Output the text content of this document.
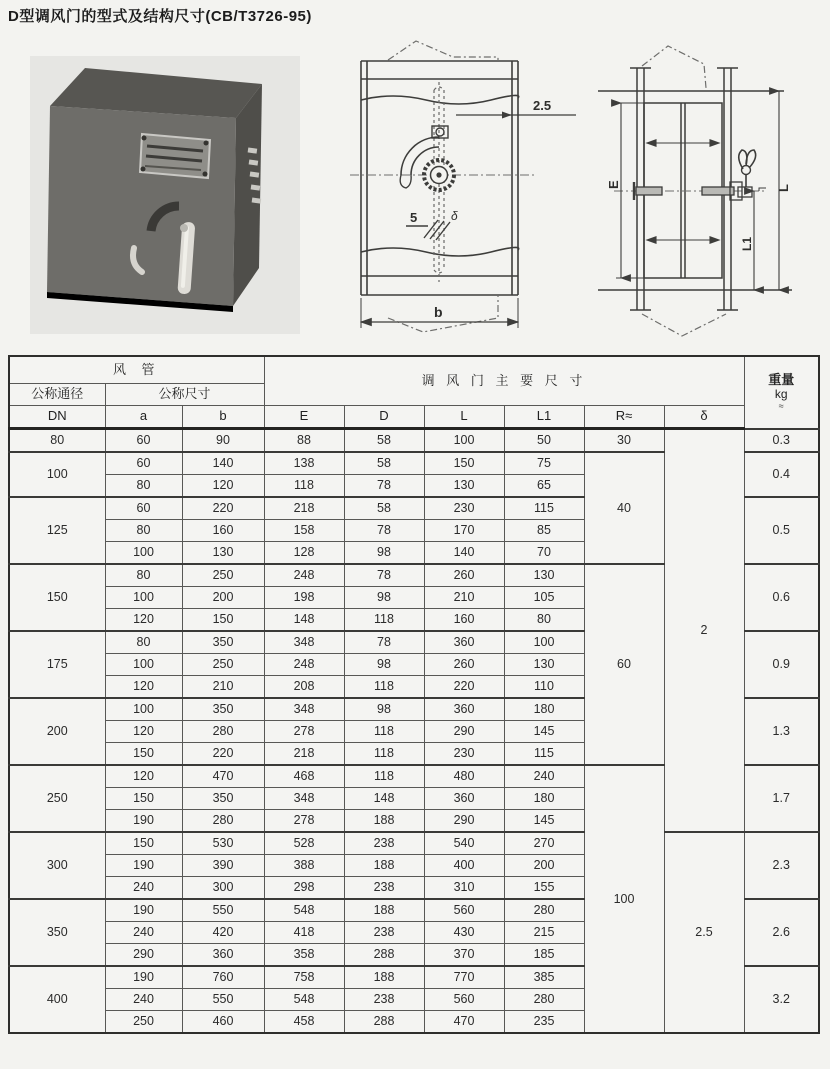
D型调风门的型式及结构尺寸(CB/T3726-95)
2.5
5	δ
b
E	L
L1
风 管			调 风 门 主 要 尺 寸						重量
kg
≈

公称通径	公称尺寸								
DN	a	b	E	D	L	L1	R≈	δ	
80	60	90	88	58	100	50	30	2	0.3
100	60	140	138	58	150	75	40		0.4
	80	120	118	78	130	65			
125	60	220	218	58	230	115			0.5
	80	160	158	78	170	85			
	100	130	128	98	140	70			
150	80	250	248	78	260	130	60		0.6
	100	200	198	98	210	105			
	120	150	148	118	160	80			
175	80	350	348	78	360	100			0.9
	100	250	248	98	260	130			
	120	210	208	118	220	110			
200	100	350	348	98	360	180			1.3
	120	280	278	118	290	145			
	150	220	218	118	230	115			
250	120	470	468	118	480	240	100		1.7
	150	350	348	148	360	180			
	190	280	278	188	290	145			
300	150	530	528	238	540	270		2.5	2.3
	190	390	388	188	400	200			
	240	300	298	238	310	155			
350	190	550	548	188	560	280			2.6
	240	420	418	238	430	215			
	290	360	358	288	370	185			
400	190	760	758	188	770	385			3.2
	240	550	548	238	560	280			
	250	460	458	288	470	235			
